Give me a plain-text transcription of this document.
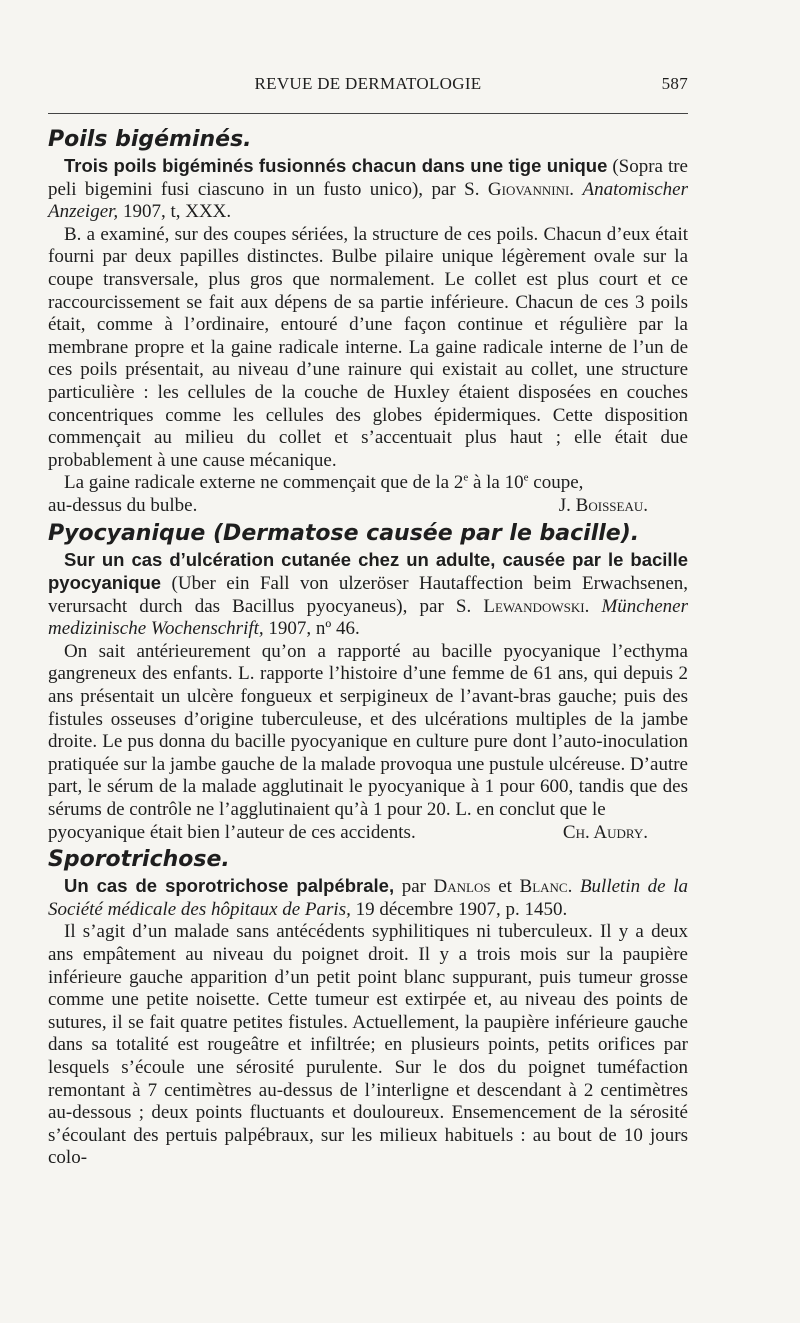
REVUE DE DERMATOLOGIE	587
Poils bigéminés.

Trois poils bigéminés fusionnés chacun dans une tige unique (Sopra tre peli bigemini fusi ciascuno in un fusto unico), par S. Giovannini. Anatomischer Anzeiger, 1907, t, XXX.

B. a examiné, sur des coupes sériées, la structure de ces poils. Chacun d’eux était fourni par deux papilles distinctes. Bulbe pilaire unique légèrement ovale sur la coupe transversale, plus gros que normalement. Le collet est plus court et ce raccourcissement se fait aux dépens de sa partie inférieure. Chacun de ces 3 poils était, comme à l’ordinaire, entouré d’une façon continue et régulière par la membrane propre et la gaine radicale interne. La gaine radicale interne de l’un de ces poils présentait, au niveau d’une rainure qui existait au collet, une structure particulière : les cellules de la couche de Huxley étaient disposées en couches concentriques comme les cellules des globes épidermiques. Cette disposition commençait au milieu du collet et s’accentuait plus haut ; elle était due probablement à une cause mécanique.

La gaine radicale externe ne commençait que de la 2e à la 10e coupe,

au-dessus du bulbe.	J. Boisseau.
Pyocyanique (Dermatose causée par le bacille).

Sur un cas d’ulcération cutanée chez un adulte, causée par le bacille pyocyanique (Uber ein Fall von ulzeröser Hautaffection beim Erwachsenen, verursacht durch das Bacillus pyocyaneus), par S. Lewandowski. Münchener medizinische Wochenschrift, 1907, nº 46.

On sait antérieurement qu’on a rapporté au bacille pyocyanique l’ecthyma gangreneux des enfants. L. rapporte l’histoire d’une femme de 61 ans, qui depuis 2 ans présentait un ulcère fongueux et serpigineux de l’avant-bras gauche; puis des fistules osseuses d’origine tuberculeuse, et des ulcérations multiples de la jambe droite. Le pus donna du bacille pyocyanique en culture pure dont l’auto-inoculation pratiquée sur la jambe gauche de la malade provoqua une pustule ulcéreuse. D’autre part, le sérum de la malade agglutinait le pyocyanique à 1 pour 600, tandis que des sérums de contrôle ne l’agglutinaient qu’à 1 pour 20. L. en conclut que le

pyocyanique était bien l’auteur de ces accidents.	Ch. Audry.
Sporotrichose.

Un cas de sporotrichose palpébrale, par Danlos et Blanc. Bulletin de la Société médicale des hôpitaux de Paris, 19 décembre 1907, p. 1450.

Il s’agit d’un malade sans antécédents syphilitiques ni tuberculeux. Il y a deux ans empâtement au niveau du poignet droit. Il y a trois mois sur la paupière inférieure gauche apparition d’un petit point blanc suppurant, puis tumeur grosse comme une petite noisette. Cette tumeur est extirpée et, au niveau des points de sutures, il se fait quatre petites fistules. Actuellement, la paupière inférieure gauche dans sa totalité est rougeâtre et infiltrée; en plusieurs points, petits orifices par lesquels s’écoule une sérosité purulente. Sur le dos du poignet tuméfaction remontant à 7 centimètres au-dessus de l’interligne et descendant à 2 centimètres au-dessous ; deux points fluctuants et douloureux. Ensemencement de la sérosité s’écoulant des pertuis palpébraux, sur les milieux habituels : au bout de 10 jours colo-
